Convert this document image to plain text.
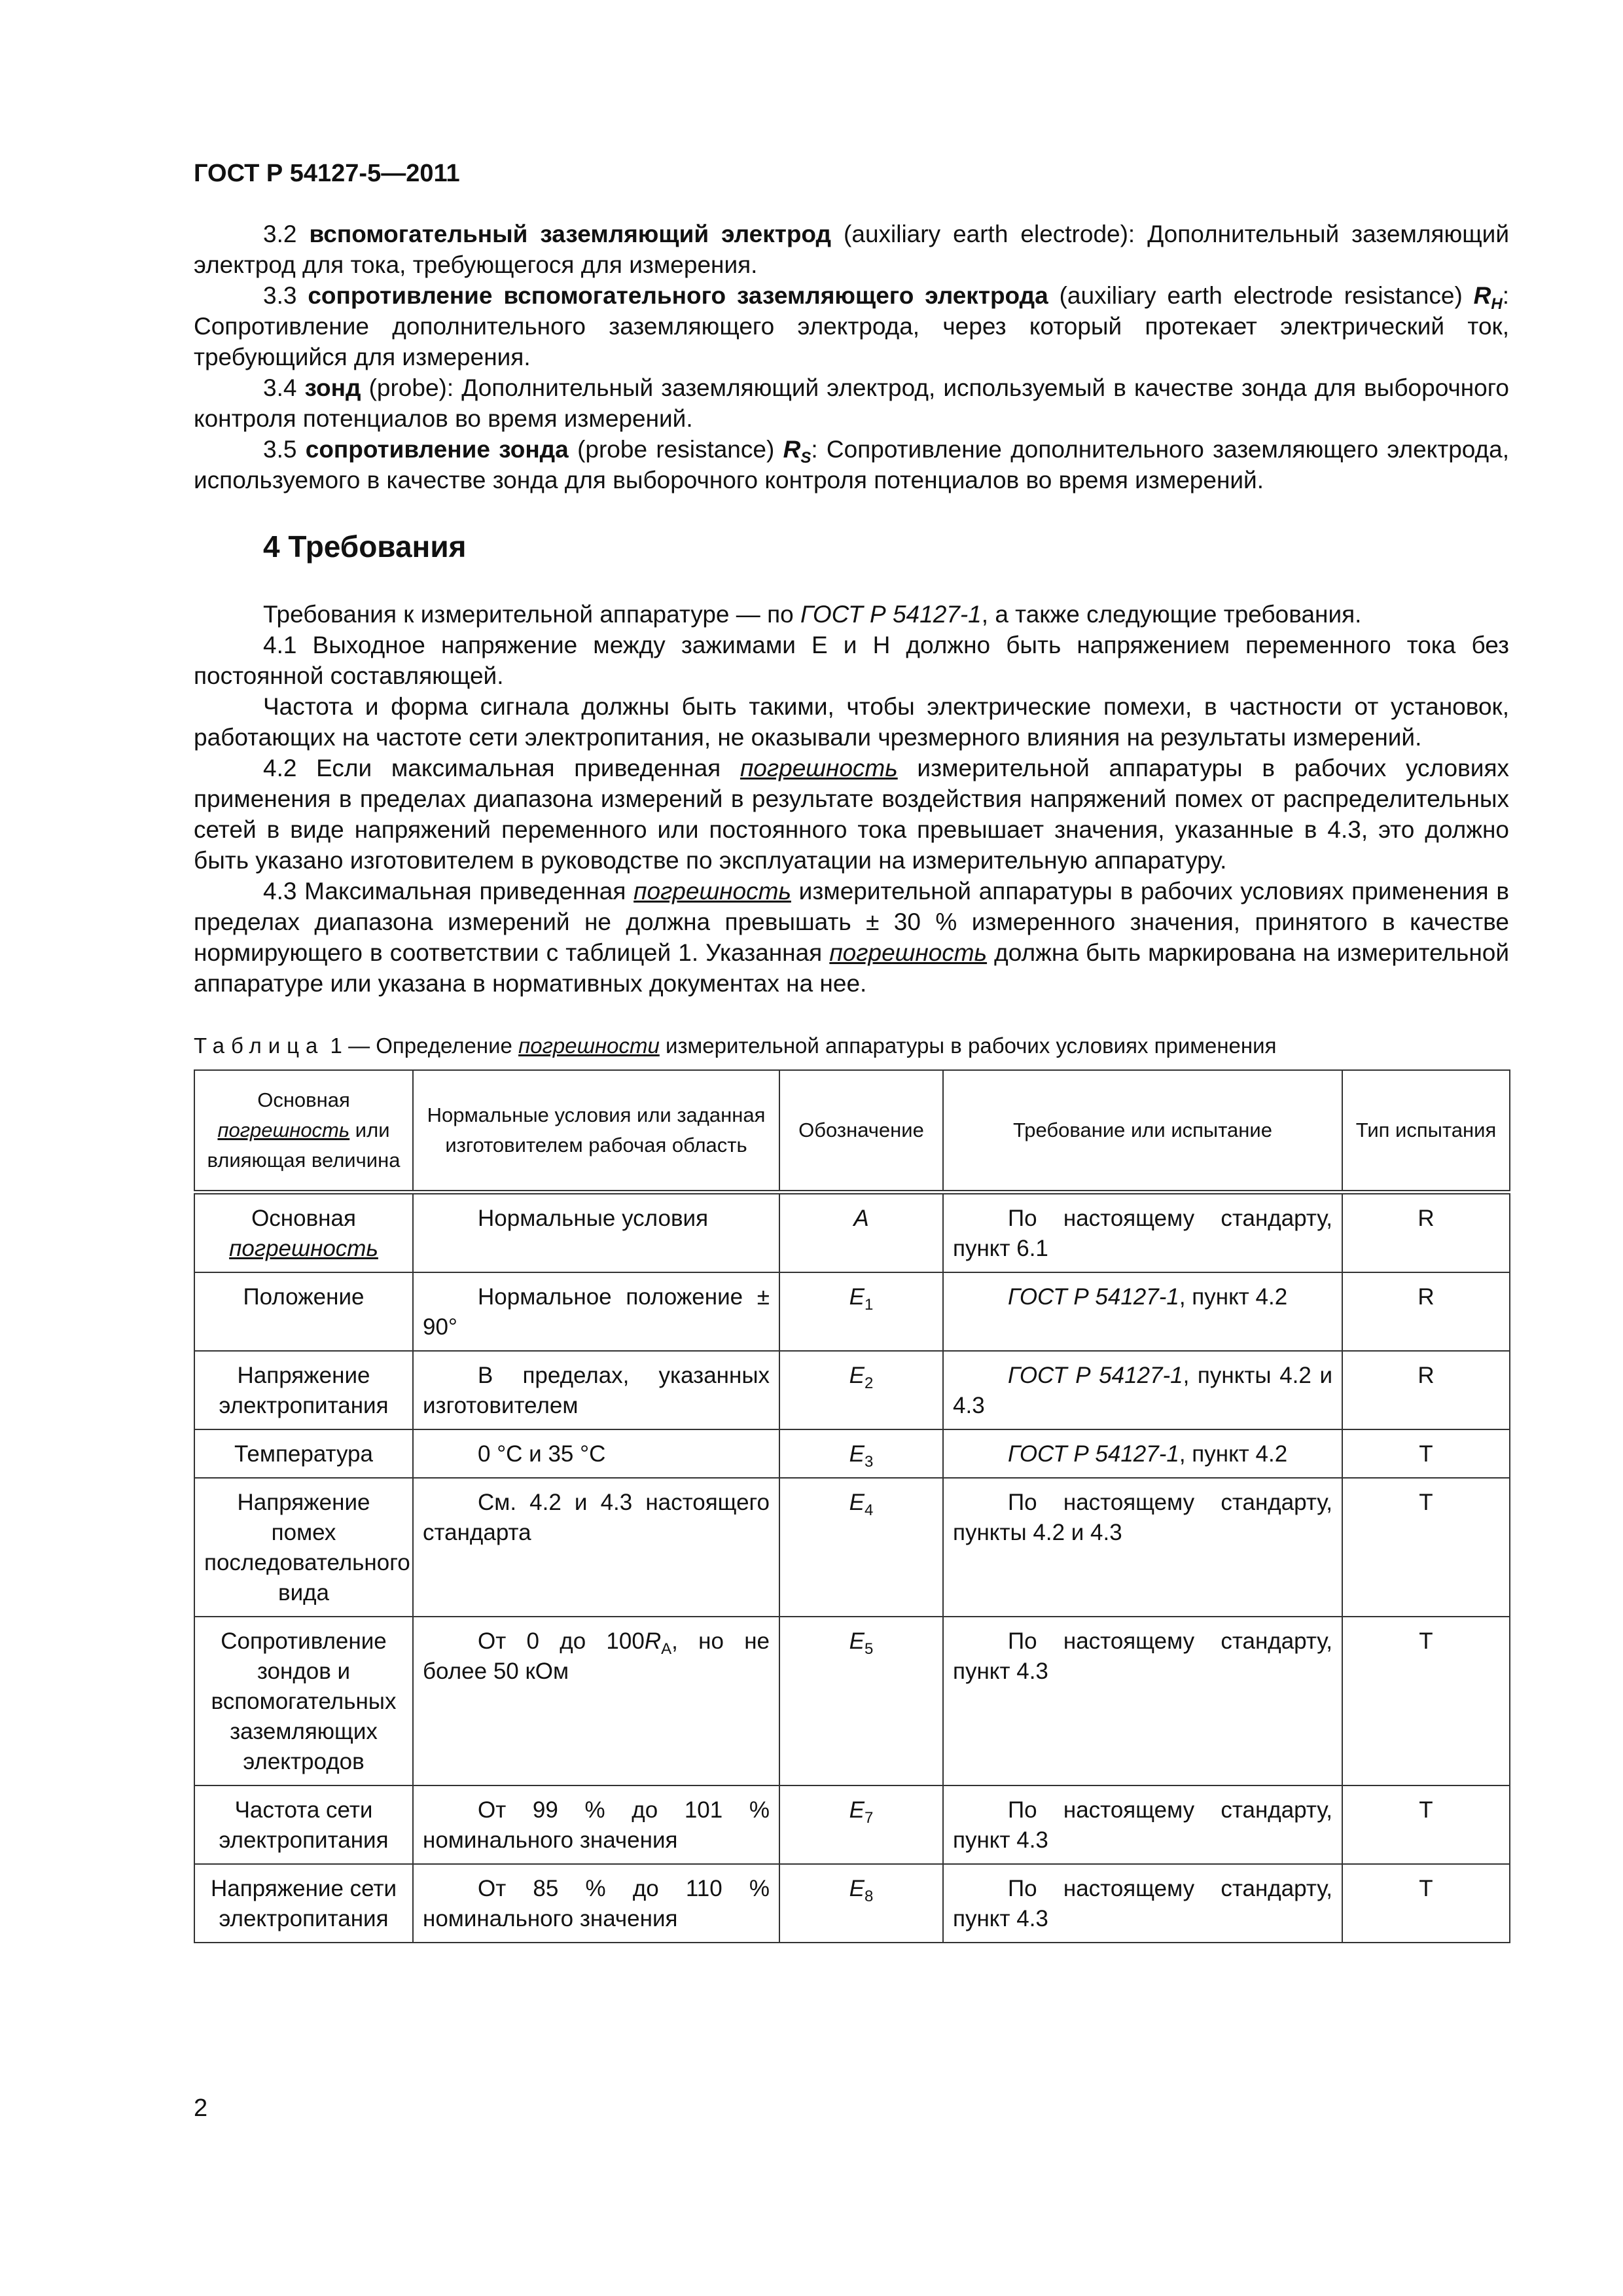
ГОСТ Р 54127-5—2011

3.2 вспомогательный заземляющий электрод (auxiliary earth electrode): Дополнительный заземляющий электрод для тока, требующегося для измерения.

3.3 сопротивление вспомогательного заземляющего электрода (auxiliary earth electrode resistance) $R_H$: Сопротивление дополнительного заземляющего электрода, через который протекает электрический ток, требующийся для измерения.

3.4 зонд (probe): Дополнительный заземляющий электрод, используемый в качестве зонда для выборочного контроля потенциалов во время измерений.

3.5 сопротивление зонда (probe resistance) $R_S$: Сопротивление дополнительного заземляющего электрода, используемого в качестве зонда для выборочного контроля потенциалов во время измерений.

4 Требования

Требования к измерительной аппаратуре — по ГОСТ Р 54127-1, а также следующие требования.

4.1 Выходное напряжение между зажимами Е и Н должно быть напряжением переменного тока без постоянной составляющей.

Частота и форма сигнала должны быть такими, чтобы электрические помехи, в частности от установок, работающих на частоте сети электропитания, не оказывали чрезмерного влияния на результаты измерений.

4.2 Если максимальная приведенная погрешность измерительной аппаратуры в рабочих условиях применения в пределах диапазона измерений в результате воздействия напряжений помех от распределительных сетей в виде напряжений переменного или постоянного тока превышает значения, указанные в 4.3, это должно быть указано изготовителем в руководстве по эксплуатации на измерительную аппаратуру.

4.3 Максимальная приведенная погрешность измерительной аппаратуры в рабочих условиях применения в пределах диапазона измерений не должна превышать ± 30 % измеренного значения, принятого в качестве нормирующего в соответствии с таблицей 1. Указанная погрешность должна быть маркирована на измерительной аппаратуре или указана в нормативных документах на нее.

Таблица 1 — Определение погрешности измерительной аппаратуры в рабочих условиях применения
Основная
погрешность или влияющая величина	Нормальные условия или заданная изготовителем рабочая область	Обозначение	Требование или испытание	Тип испытания
Основная погрешность	Нормальные условия	A	По настоящему стандарту, пункт 6.1	R
Положение	Нормальное положение ± 90°	$E_1$	ГОСТ Р 54127-1, пункт 4.2	R
Напряжение электропитания	В пределах, указанных изготовителем	$E_2$	ГОСТ Р 54127-1, пункты 4.2 и 4.3	R
Температура	0 °С и 35 °С	$E_3$	ГОСТ Р 54127-1, пункт 4.2	T
Напряжение помех последовательного вида	См. 4.2 и 4.3 настоящего стандарта	$E_4$	По настоящему стандарту, пункты 4.2 и 4.3	T
Сопротивление зондов и вспомогательных заземляющих электродов	От 0 до $100R_A$, но не более 50 кОм	$E_5$	По настоящему стандарту, пункт 4.3	T
Частота сети электропитания	От 99 % до 101 % номинального значения	$E_7$	По настоящему стандарту, пункт 4.3	T
Напряжение сети электропитания	От 85 % до 110 % номинального значения	$E_8$	По настоящему стандарту, пункт 4.3	T
2
